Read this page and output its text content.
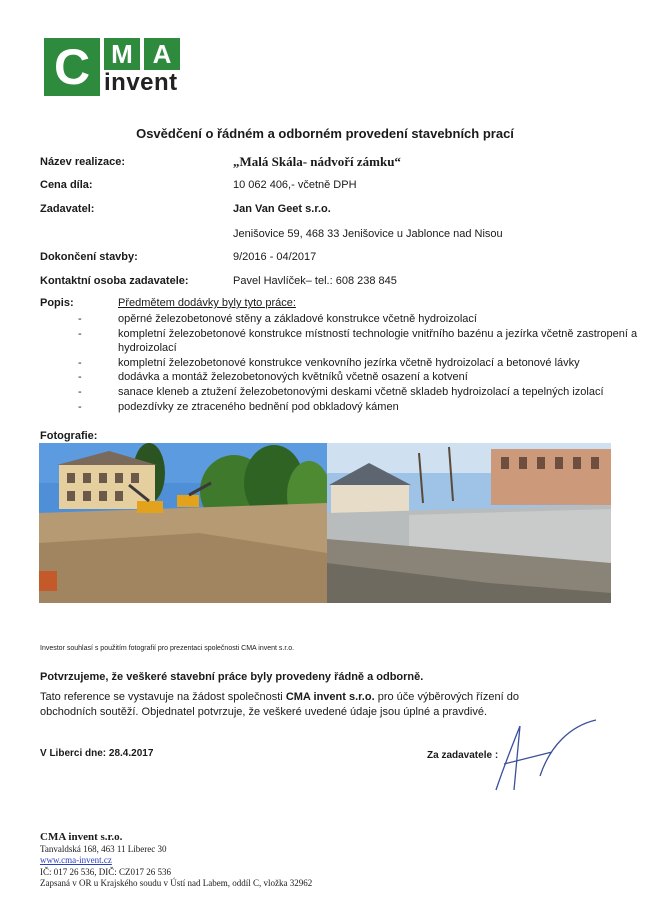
C M A
invent
Osvědčení o řádném a odborném provedení stavebních prací
Název realizace:	„Malá Skála- nádvoří zámku“
Cena díla:	10 062 406,- včetně DPH
Zadavatel:	Jan Van Geet s.r.o.
Jenišovice 59, 468 33 Jenišovice u Jablonce nad Nisou
Dokončení stavby:	9/2016 - 04/2017
Kontaktní osoba zadavatele:	Pavel Havlíček– tel.: 608 238 845
Popis:	Předmětem dodávky byly tyto práce:
-	opěrné železobetonové stěny a základové konstrukce včetně hydroizolací
-	kompletní železobetonové konstrukce místností technologie vnitřního bazénu a jezírka včetně zastropení a hydroizolací
-	kompletní železobetonové konstrukce venkovního jezírka včetně hydroizolací a betonové lávky
-	dodávka a montáž železobetonových květníků včetně osazení a kotvení
-	sanace kleneb a ztužení železobetonovými deskami včetně skladeb hydroizolací a tepelných izolací
-	podezdívky ze ztraceného bednění pod obkladový kámen
Fotografie:
Investor souhlasí s použitím fotografií pro prezentaci společnosti CMA invent s.r.o.
Potvrzujeme, že veškeré stavební práce byly provedeny řádně a odborně.
Tato reference se vystavuje na žádost společnosti CMA invent s.r.o. pro úče výběrových řízení do obchodních soutěží. Objednatel potvrzuje, že veškeré uvedené údaje jsou úplné a pravdivé.
V Liberci dne: 28.4.2017	Za zadavatele :
CMA invent s.r.o.
Tanvaldská 168, 463 11 Liberec 30
www.cma-invent.cz
IČ: 017 26 536, DIČ: CZ017 26 536
Zapsaná v OR u Krajského soudu v Ústí nad Labem, oddíl C, vložka 32962
